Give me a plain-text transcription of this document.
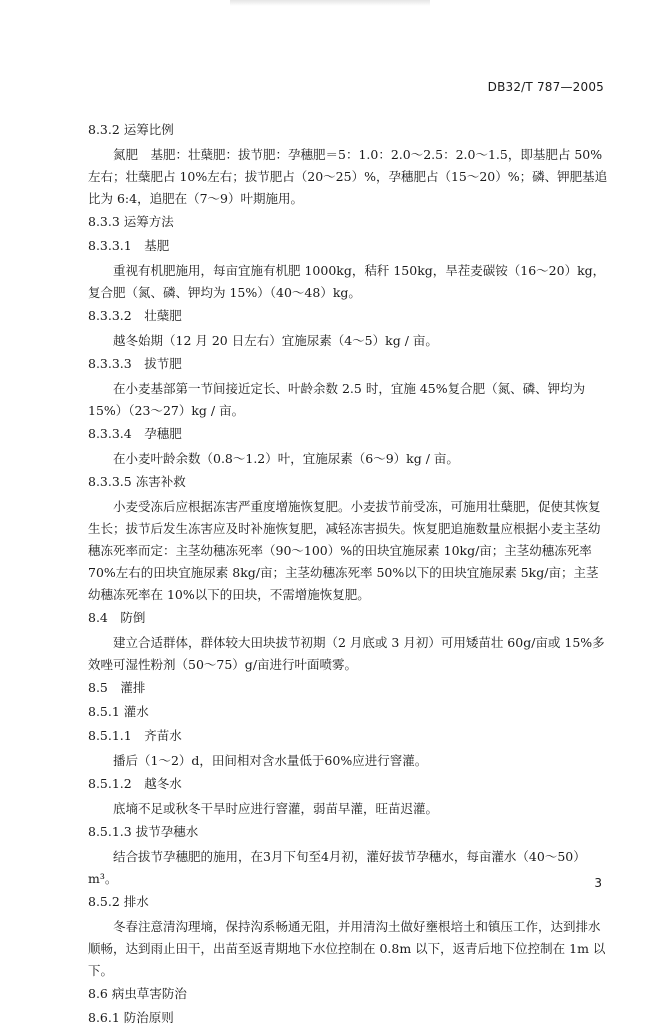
DB32/T 787—2005
8.3.2 运筹比例
氮肥　基肥：壮蘖肥：拔节肥：孕穗肥＝5：1.0：2.0～2.5：2.0～1.5，即基肥占 50%左右；壮蘖肥占 10%左右；拔节肥占（20～25）%，孕穗肥占（15～20）%；磷、钾肥基追比为 6:4，追肥在（7～9）叶期施用。
8.3.3 运筹方法
8.3.3.1　基肥
重视有机肥施用，每亩宜施有机肥 1000kg，秸秆 150kg，旱茬麦碳铵（16～20）kg，复合肥（氮、磷、钾均为 15%）（40～48）kg。
8.3.3.2　壮蘖肥
越冬始期（12 月 20 日左右）宜施尿素（4～5）kg / 亩。
8.3.3.3　拔节肥
在小麦基部第一节间接近定长、叶龄余数 2.5 时，宜施 45%复合肥（氮、磷、钾均为 15%）（23～27）kg / 亩。
8.3.3.4　孕穗肥
在小麦叶龄余数（0.8～1.2）叶，宜施尿素（6～9）kg / 亩。
8.3.3.5 冻害补救
小麦受冻后应根据冻害严重度增施恢复肥。小麦拔节前受冻，可施用壮蘖肥，促使其恢复生长；拔节后发生冻害应及时补施恢复肥，减轻冻害损失。恢复肥追施数量应根据小麦主茎幼穗冻死率而定：主茎幼穗冻死率（90～100）%的田块宜施尿素 10kg/亩；主茎幼穗冻死率 70%左右的田块宜施尿素 8kg/亩；主茎幼穗冻死率 50%以下的田块宜施尿素 5kg/亩；主茎幼穗冻死率在 10%以下的田块，不需增施恢复肥。
8.4　防倒
建立合适群体，群体较大田块拔节初期（2 月底或 3 月初）可用矮苗壮 60g/亩或 15%多效唑可湿性粉剂（50～75）g/亩进行叶面喷雾。
8.5　灌排
8.5.1 灌水
8.5.1.1　齐苗水
播后（1～2）d，田间相对含水量低于60%应进行窨灌。
8.5.1.2　越冬水
底墒不足或秋冬干旱时应进行窨灌，弱苗早灌，旺苗迟灌。
8.5.1.3 拔节孕穗水
结合拔节孕穗肥的施用，在3月下旬至4月初，灌好拔节孕穗水，每亩灌水（40～50）m³。
8.5.2 排水
冬春注意清沟理墒，保持沟系畅通无阻，并用清沟土做好壅根培土和镇压工作，达到排水顺畅，达到雨止田干，出苗至返青期地下水位控制在 0.8m 以下，返青后地下位控制在 1m 以下。
8.6 病虫草害防治
8.6.1 防治原则
3
